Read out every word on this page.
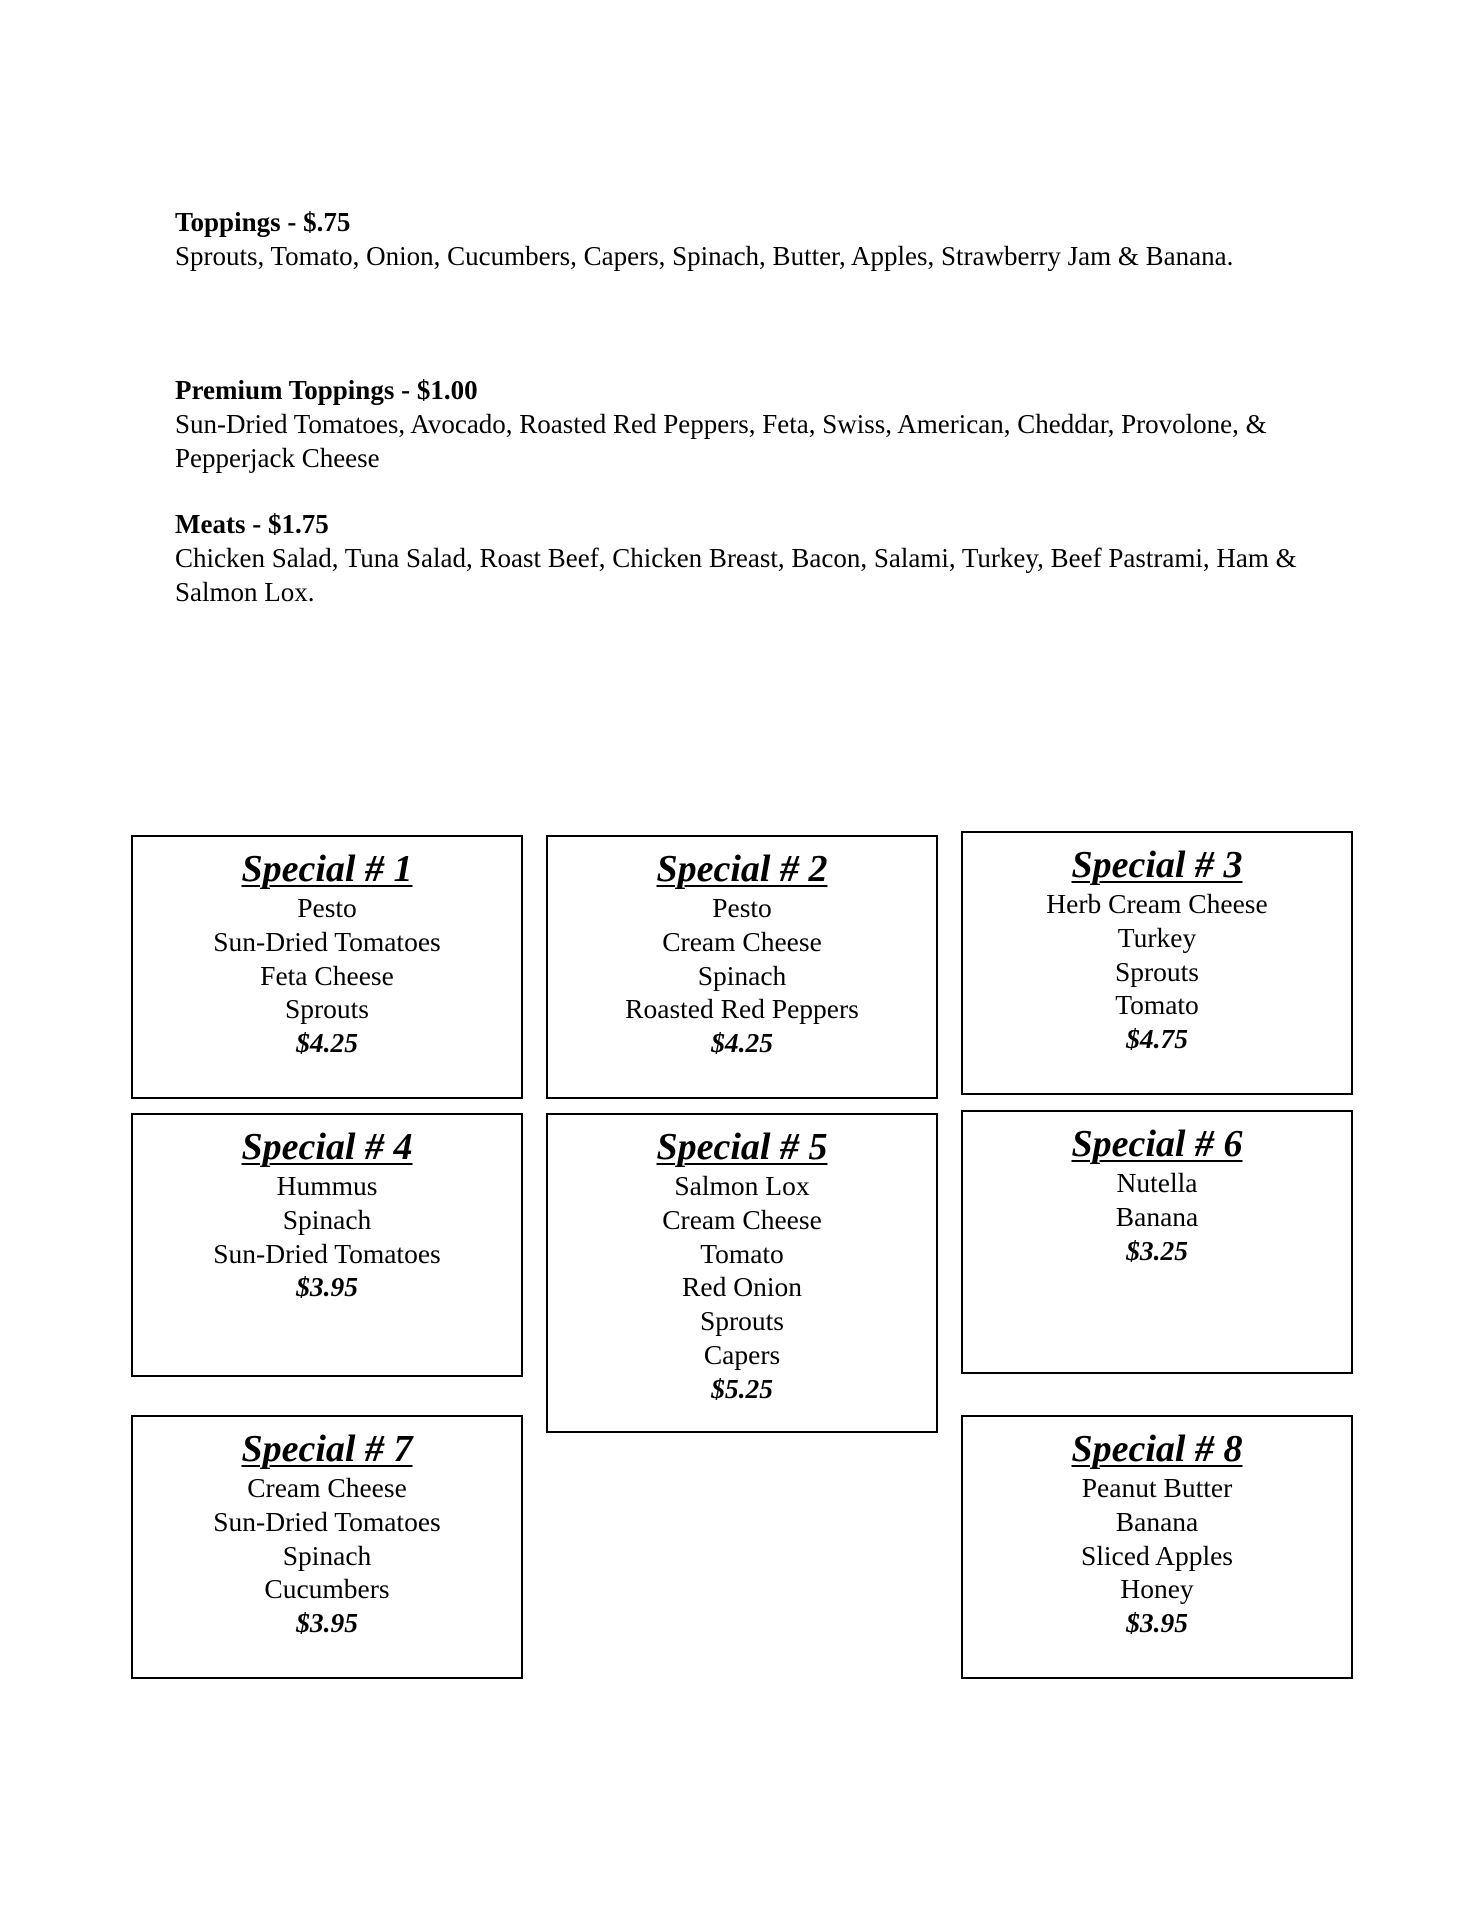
Toppings - $.75
Sprouts, Tomato, Onion, Cucumbers, Capers, Spinach, Butter, Apples, Strawberry Jam & Banana.
Premium Toppings - $1.00
Sun-Dried Tomatoes, Avocado, Roasted Red Peppers, Feta, Swiss, American, Cheddar, Provolone, & Pepperjack Cheese
Meats - $1.75
Chicken Salad, Tuna Salad, Roast Beef, Chicken Breast, Bacon, Salami, Turkey, Beef Pastrami, Ham & Salmon Lox.
Special # 1
Pesto
Sun-Dried Tomatoes
Feta Cheese
Sprouts
$4.25
Special # 2
Pesto
Cream Cheese
Spinach
Roasted Red Peppers
$4.25
Special # 3
Herb Cream Cheese
Turkey
Sprouts
Tomato
$4.75
Special # 4
Hummus
Spinach
Sun-Dried Tomatoes
$3.95
Special # 5
Salmon Lox
Cream Cheese
Tomato
Red Onion
Sprouts
Capers
$5.25
Special # 6
Nutella
Banana
$3.25
Special # 7
Cream Cheese
Sun-Dried Tomatoes
Spinach
Cucumbers
$3.95
Special # 8
Peanut Butter
Banana
Sliced Apples
Honey
$3.95
